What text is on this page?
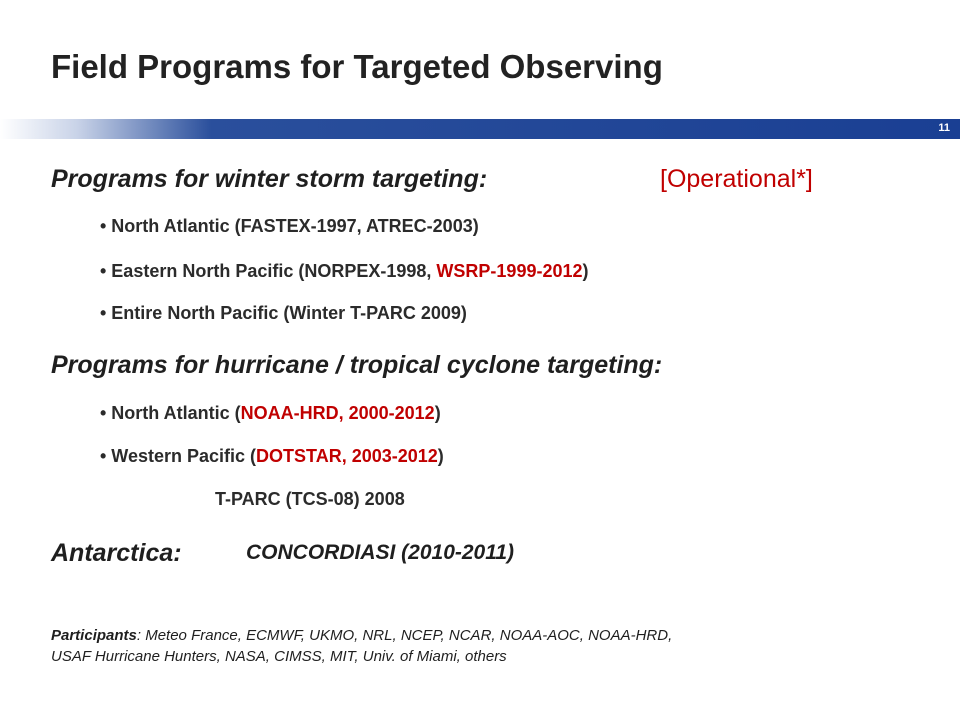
Field Programs for Targeted Observing
11
Programs for winter storm targeting:	[Operational*]
• North Atlantic (FASTEX-1997, ATREC-2003)
• Eastern North Pacific (NORPEX-1998, WSRP-1999-2012)
• Entire North Pacific (Winter T-PARC 2009)
Programs for hurricane / tropical cyclone targeting:
• North Atlantic (NOAA-HRD, 2000-2012)
• Western Pacific (DOTSTAR, 2003-2012)
T-PARC (TCS-08) 2008
Antarctica:	CONCORDIASI (2010-2011)
Participants: Meteo France, ECMWF, UKMO, NRL, NCEP, NCAR, NOAA-AOC, NOAA-HRD,
USAF Hurricane Hunters, NASA, CIMSS, MIT, Univ. of Miami, others
